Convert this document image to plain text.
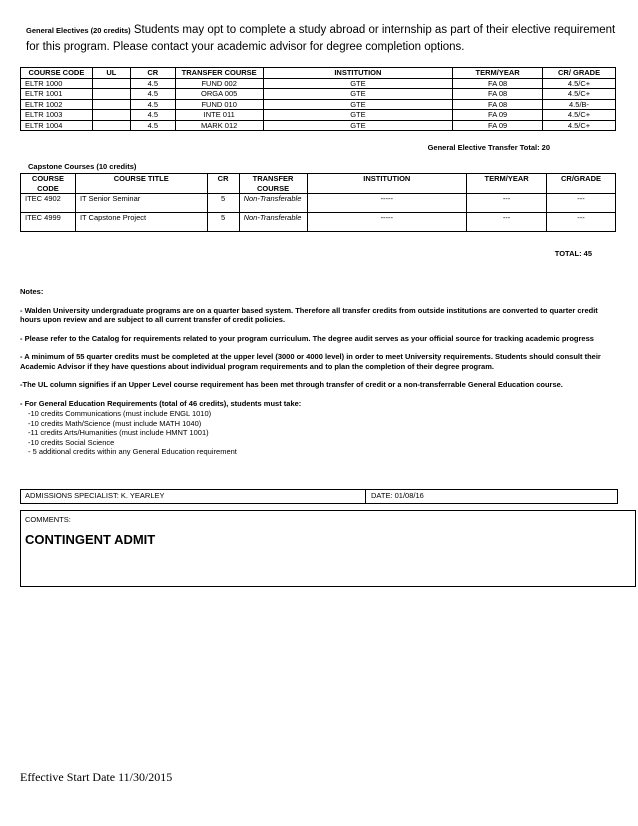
General Electives (20 credits) Students may opt to complete a study abroad or internship as part of their elective requirement for this program. Please contact your academic advisor for degree completion options.
COURSE CODE	UL	CR	TRANSFER COURSE	INSTITUTION	TERM/YEAR	CR/ GRADE
ELTR 1000		4.5	FUND 002	GTE	FA 08	4.5/C+
ELTR 1001		4.5	ORGA 005	GTE	FA 08	4.5/C+
ELTR 1002		4.5	FUND 010	GTE	FA 08	4.5/B-
ELTR 1003		4.5	INTE 011	GTE	FA 09	4.5/C+
ELTR 1004		4.5	MARK 012	GTE	FA 09	4.5/C+
General Elective Transfer Total: 20
Capstone Courses (10 credits)
COURSE CODE	COURSE TITLE	CR	TRANSFER COURSE	INSTITUTION	TERM/YEAR	CR/GRADE
ITEC 4902	IT Senior Seminar	5	Non-Transferable	-----	---	---
ITEC 4999	IT Capstone Project	5	Non-Transferable	-----	---	---
TOTAL: 45

Notes:

- Walden University undergraduate programs are on a quarter based system. Therefore all transfer credits from outside institutions are converted to quarter credit hours upon review and are subject to all current transfer of credit policies.

- Please refer to the Catalog for requirements related to your program curriculum. The degree audit serves as your official source for tracking academic progress

- A minimum of 55 quarter credits must be completed at the upper level (3000 or 4000 level) in order to meet University requirements. Students should consult their Academic Advisor if they have questions about individual program requirements and to plan the completion of their degree program.

-The UL column signifies if an Upper Level course requirement has been met through transfer of credit or a non-transferrable General Education course.

- For General Education Requirements (total of 46 credits), students must take:

-10 credits Communications (must include ENGL 1010)
-10 credits Math/Science (must include MATH 1040)
-11 credits Arts/Humanities (must include HMNT 1001)
-10 credits Social Science
- 5 additional credits within any General Education requirement
ADMISSIONS SPECIALIST: K. YEARLEY	DATE: 01/08/16
COMMENTS:
CONTINGENT ADMIT
Effective Start Date 11/30/2015
